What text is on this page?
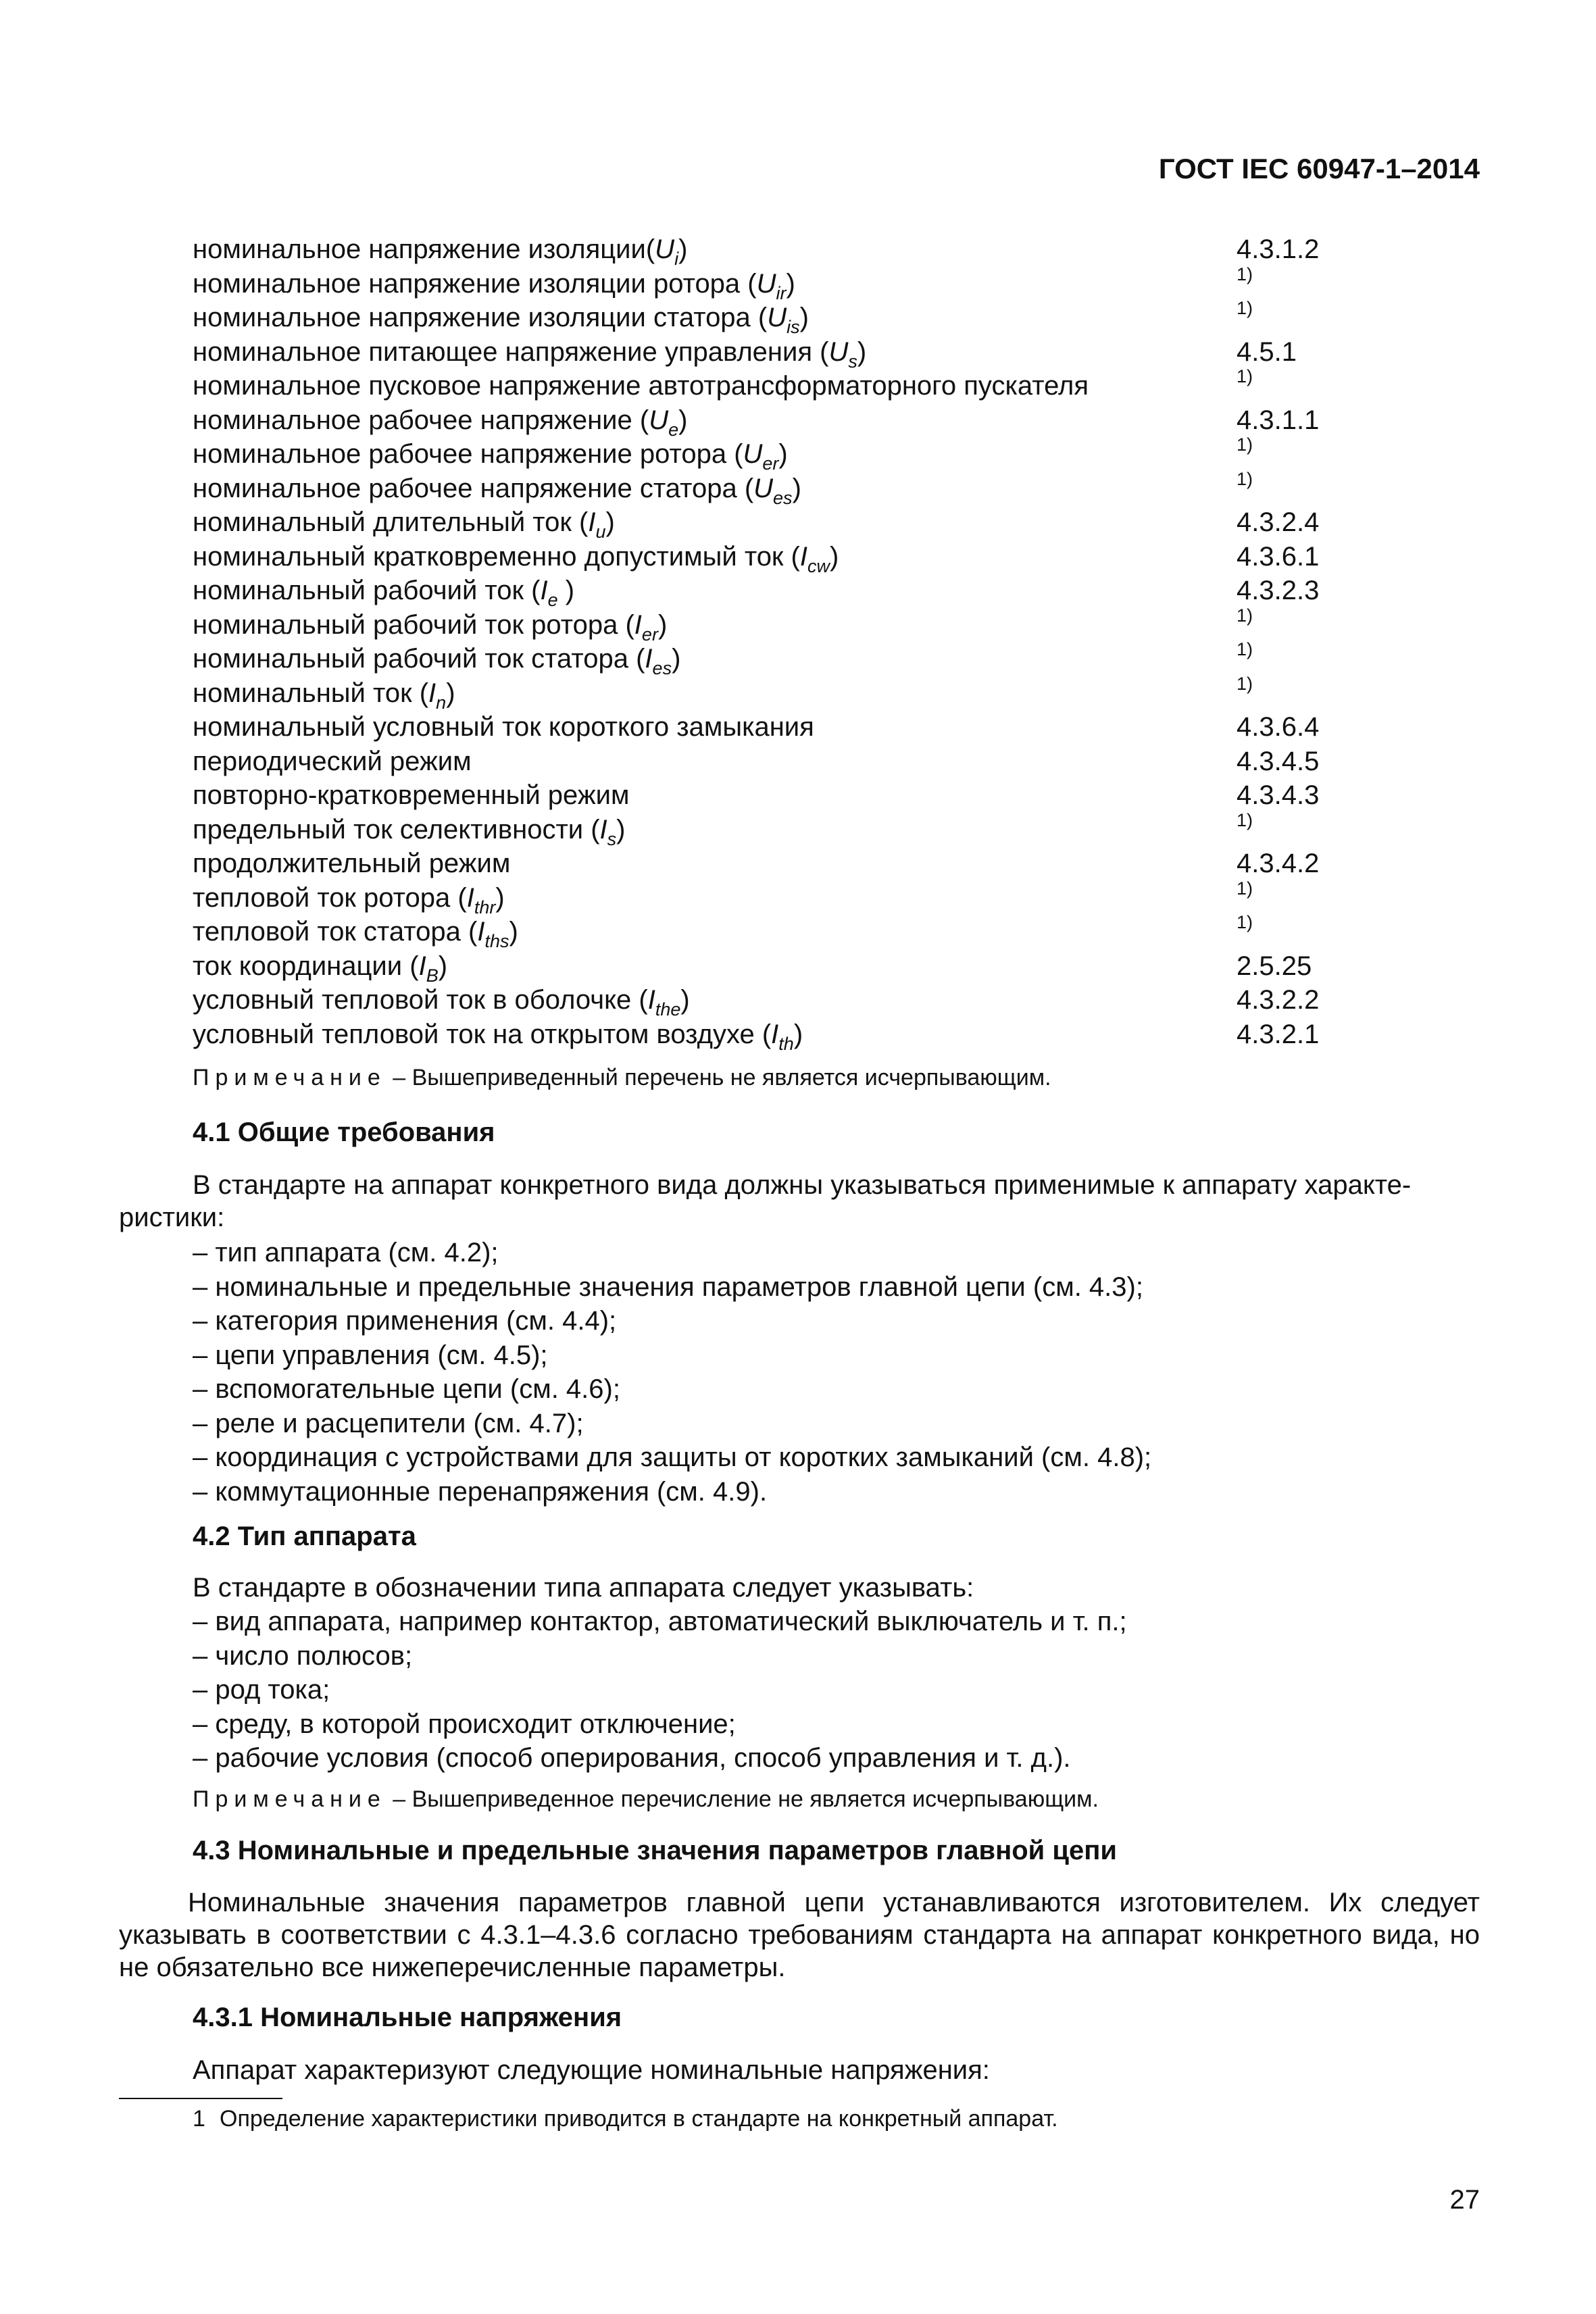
ГОСТ IEC 60947-1–2014

номинальное напряжение $изоляции(U_i)$	4.3.1.2
номинальное напряжение изоляции ротора $(U_{ir})$	1)
номинальное напряжение изоляции статора $(U_{is})$	1)
номинальное питающее напряжение управления $(U_s)$	4.5.1
номинальное пусковое напряжение автотрансформаторного пускателя	1)
номинальное рабочее напряжение $(U_e)$	4.3.1.1
номинальное рабочее напряжение ротора $(U_{er})$	1)
номинальное рабочее напряжение статора $(U_{es})$	1)
номинальный длительный ток $(I_u)$	4.3.2.4
номинальный кратковременно допустимый ток $(I_{cw})$	4.3.6.1
номинальный рабочий ток ($I_e$ )	4.3.2.3
номинальный рабочий ток ротора $(I_{er})$	1)
номинальный рабочий ток статора $(I_{es})$	1)
номинальный ток $(I_n)$	1)
номинальный условный ток короткого замыкания	4.3.6.4
периодический режим	4.3.4.5
повторно-кратковременный режим	4.3.4.3
предельный ток селективности $(I_s)$	1)
продолжительный режим	4.3.4.2
тепловой ток ротора $(I_{thr})$	1)
тепловой ток статора $(I_{ths})$	1)
ток координации $(I_B)$	2.5.25
условный тепловой ток в оболочке $(I_{the})$	4.3.2.2
условный тепловой ток на открытом воздухе $(I_{th})$	4.3.2.1
Примечание – Вышеприведенный перечень не является исчерпывающим.

4.1 Общие требования

В стандарте на аппарат конкретного вида должны указываться применимые к аппарату характе-
ристики:
– тип аппарата (см. 4.2);
– номинальные и предельные значения параметров главной цепи (см. 4.3);
– категория применения (см. 4.4);
– цепи управления (см. 4.5);
– вспомогательные цепи (см. 4.6);
– реле и расцепители (см. 4.7);
– координация с устройствами для защиты от коротких замыканий (см. 4.8);
– коммутационные перенапряжения (см. 4.9).

4.2 Тип аппарата

В стандарте в обозначении типа аппарата следует указывать:
– вид аппарата, например контактор, автоматический выключатель и т. п.;
– число полюсов;
– род тока;
– среду, в которой происходит отключение;
– рабочие условия (способ оперирования, способ управления и т. д.).
Примечание – Вышеприведенное перечисление не является исчерпывающим.

4.3 Номинальные и предельные значения параметров главной цепи

Номинальные значения параметров главной цепи устанавливаются изготовителем. Их следует указывать в соответствии с 4.3.1–4.3.6 согласно требованиям стандарта на аппарат конкретного вида, но не обязательно все нижеперечисленные параметры.

4.3.1 Номинальные напряжения

Аппарат характеризуют следующие номинальные напряжения:
1 Определение характеристики приводится в стандарте на конкретный аппарат.
27
